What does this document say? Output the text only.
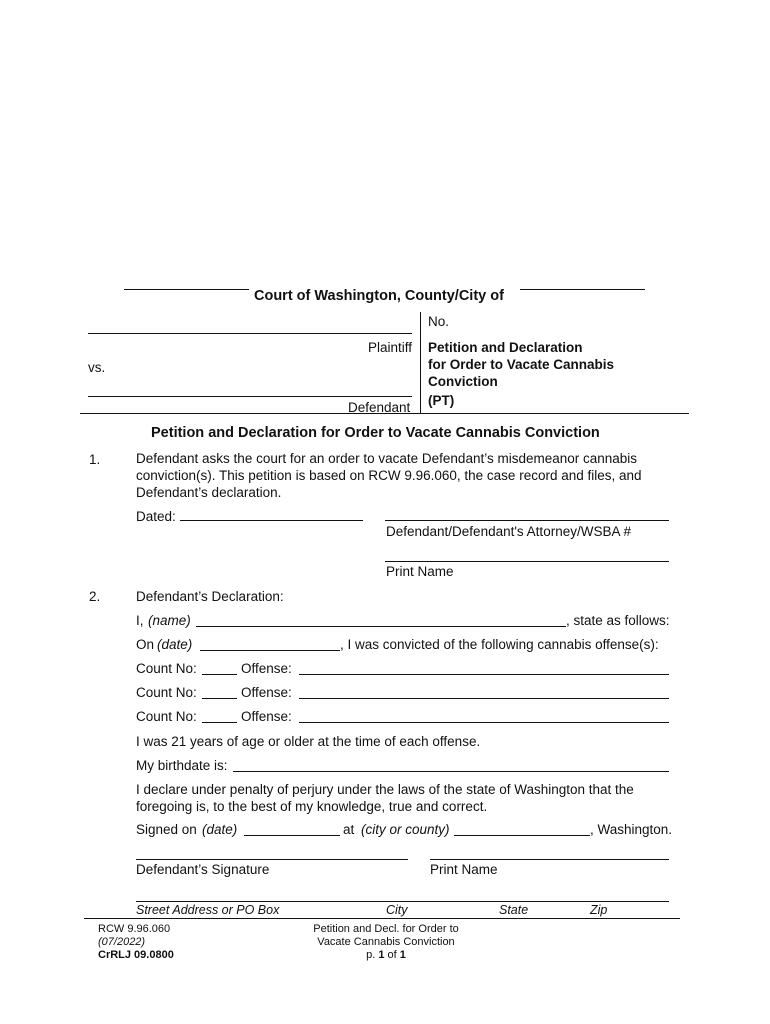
Court of Washington, County/City of
No.
Plaintiff
vs.
Defendant
Petition and Declaration
for Order to Vacate Cannabis
Conviction
(PT)
Petition and Declaration for Order to Vacate Cannabis Conviction
1.	Defendant asks the court for an order to vacate Defendant’s misdemeanor cannabis conviction(s). This petition is based on RCW 9.96.060, the case record and files, and Defendant’s declaration.
Dated:
Defendant/Defendant's Attorney/WSBA #
Print Name
2.	Defendant’s Declaration:
I, (name)	, state as follows:
On (date)	, I was convicted of the following cannabis offense(s):
Count No:	Offense:
Count No:	Offense:
Count No:	Offense:
I was 21 years of age or older at the time of each offense.
My birthdate is:
I declare under penalty of perjury under the laws of the state of Washington that the foregoing is, to the best of my knowledge, true and correct.
Signed on (date)	at (city or county)	, Washington.
Defendant’s Signature	Print Name
Street Address or PO Box	City	State	Zip
RCW 9.96.060
(07/2022)
CrRLJ 09.0800
Petition and Decl. for Order to
Vacate Cannabis Conviction
p. 1 of 1
